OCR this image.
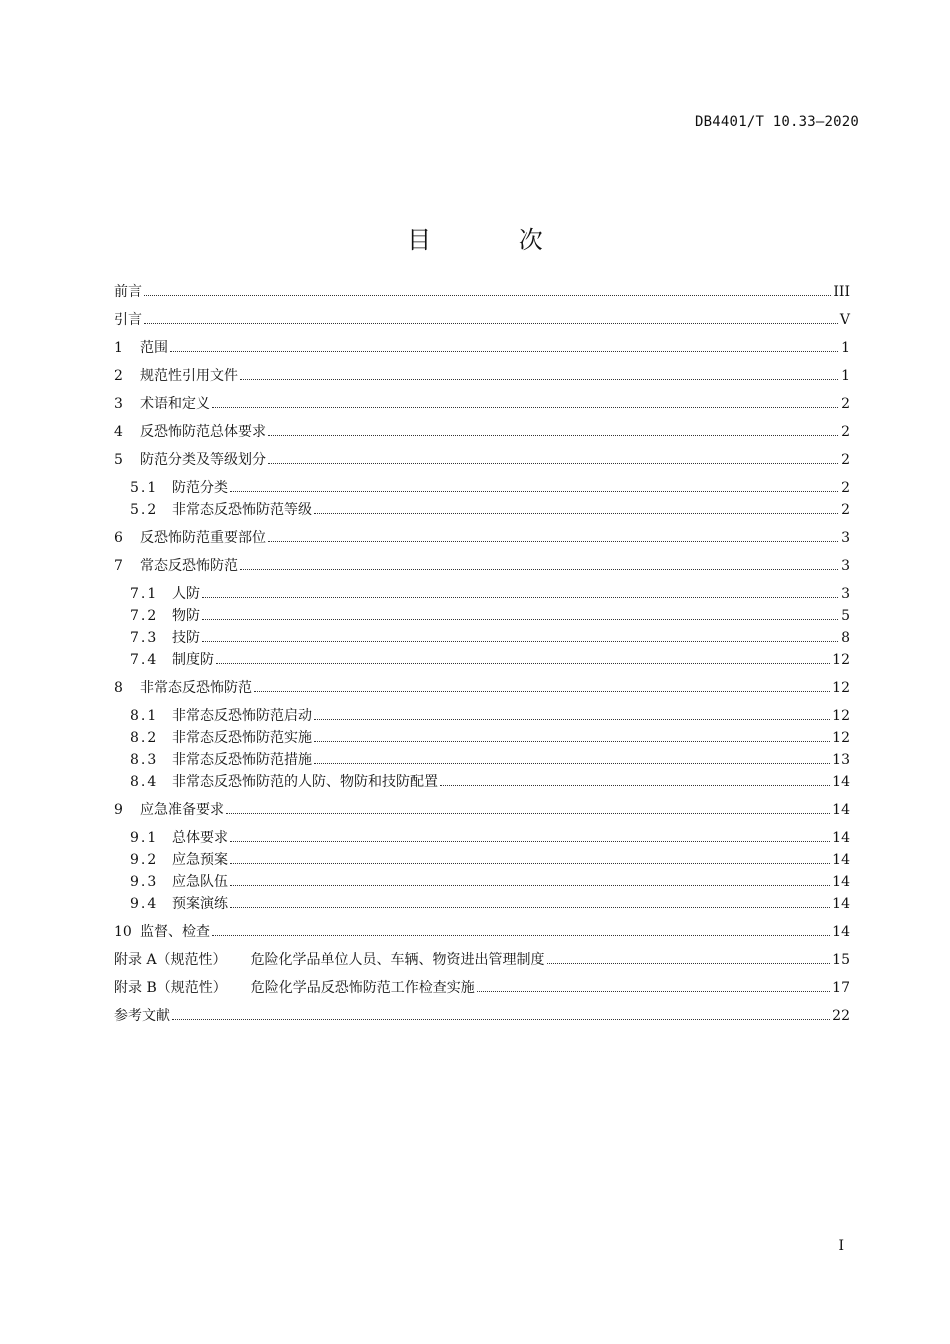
DB4401/T 10.33—2020
目 次
前言	III
引言	V
1	范围	1
2	规范性引用文件	1
3	术语和定义	2
4	反恐怖防范总体要求	2
5	防范分类及等级划分	2
5.1 防范分类	2
5.2 非常态反恐怖防范等级	2
6	反恐怖防范重要部位	3
7	常态反恐怖防范	3
7.1 人防	3
7.2 物防	5
7.3 技防	8
7.4 制度防	12
8	非常态反恐怖防范	12
8.1 非常态反恐怖防范启动	12
8.2 非常态反恐怖防范实施	12
8.3 非常态反恐怖防范措施	13
8.4 非常态反恐怖防范的人防、物防和技防配置	14
9	应急准备要求	14
9.1 总体要求	14
9.2 应急预案	14
9.3 应急队伍	14
9.4 预案演练	14
10 监督、检查	14
附录 A（规范性） 危险化学品单位人员、车辆、物资进出管理制度	15
附录 B（规范性） 危险化学品反恐怖防范工作检查实施	17
参考文献	22
I
